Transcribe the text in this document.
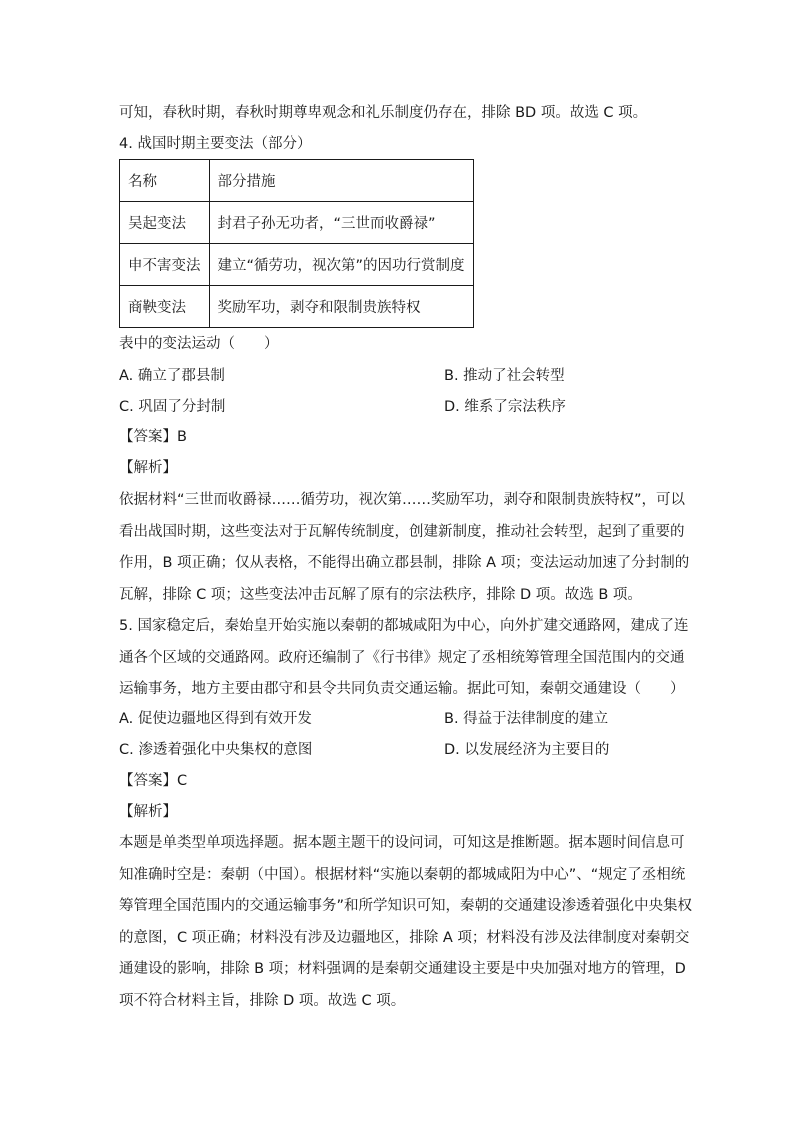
可知，春秋时期，春秋时期尊卑观念和礼乐制度仍存在，排除 BD 项。故选 C 项。
4. 战国时期主要变法（部分）
名称	部分措施
吴起变法	封君子孙无功者，“三世而收爵禄”
申不害变法	建立“循劳功，视次第”的因功行赏制度
商鞅变法	奖励军功，剥夺和限制贵族特权
表中的变法运动（　　）
A. 确立了郡县制	B. 推动了社会转型
C. 巩固了分封制	D. 维系了宗法秩序
【答案】B
【解析】
依据材料“三世而收爵禄……循劳功，视次第……奖励军功，剥夺和限制贵族特权”，可以
看出战国时期，这些变法对于瓦解传统制度，创建新制度，推动社会转型，起到了重要的
作用，B 项正确；仅从表格，不能得出确立郡县制，排除 A 项；变法运动加速了分封制的
瓦解，排除 C 项；这些变法冲击瓦解了原有的宗法秩序，排除 D 项。故选 B 项。
5. 国家稳定后，秦始皇开始实施以秦朝的都城咸阳为中心，向外扩建交通路网，建成了连
通各个区域的交通路网。政府还编制了《行书律》规定了丞相统筹管理全国范围内的交通
运输事务，地方主要由郡守和县令共同负责交通运输。据此可知，秦朝交通建设（　　）
A. 促使边疆地区得到有效开发	B. 得益于法律制度的建立
C. 渗透着强化中央集权的意图	D. 以发展经济为主要目的
【答案】C
【解析】
本题是单类型单项选择题。据本题主题干的设问词，可知这是推断题。据本题时间信息可
知准确时空是：秦朝（中国）。根据材料“实施以秦朝的都城咸阳为中心”、“规定了丞相统
筹管理全国范围内的交通运输事务”和所学知识可知，秦朝的交通建设渗透着强化中央集权
的意图，C 项正确；材料没有涉及边疆地区，排除 A 项；材料没有涉及法律制度对秦朝交
通建设的影响，排除 B 项；材料强调的是秦朝交通建设主要是中央加强对地方的管理，D
项不符合材料主旨，排除 D 项。故选 C 项。
